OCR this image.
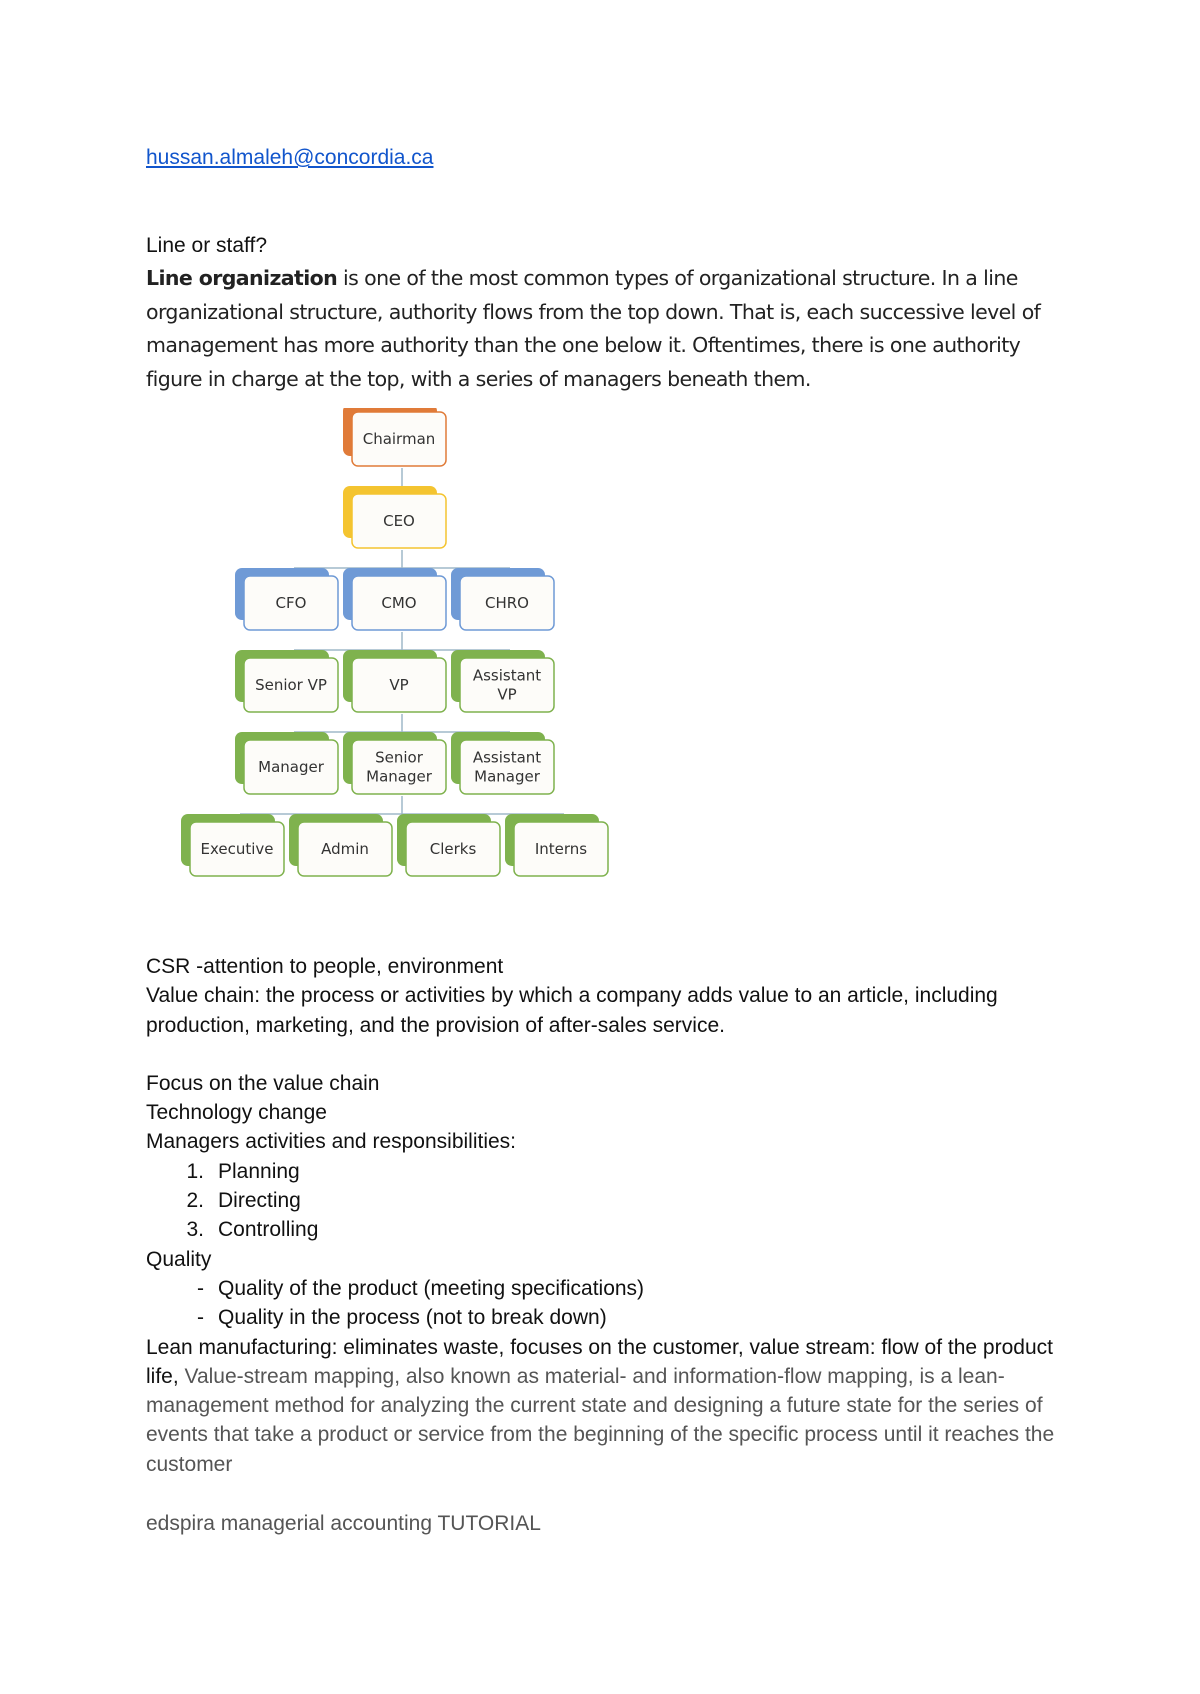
hussan.almaleh@concordia.ca
Line or staff?
Line organization is one of the most common types of organizational structure. In a line organizational structure, authority flows from the top down. That is, each successive level of management has more authority than the one below it. Oftentimes, there is one authority figure in charge at the top, with a series of managers beneath them.

CSR -attention to people, environment

Value chain: the process or activities by which a company adds value to an article, including production, marketing, and the provision of after-sales service.

Focus on the value chain

Technology change

Managers activities and responsibilities:

1. Planning
2. Directing
3. Controlling

Quality

- Quality of the product (meeting specifications)
- Quality in the process (not to break down)

Lean manufacturing: eliminates waste, focuses on the customer, value stream: flow of the product life, Value-stream mapping, also known as material- and information-flow mapping, is a lean-management method for analyzing the current state and designing a future state for the series of events that take a product or service from the beginning of the specific process until it reaches the customer

edspira managerial accounting TUTORIAL
Chairman
CEO
CFO	CMO	CHRO
Senior VP	VP
Assistant
VP
Manager
Senior
Manager
Assistant
Manager
Executive	Admin	Clerks	Interns
